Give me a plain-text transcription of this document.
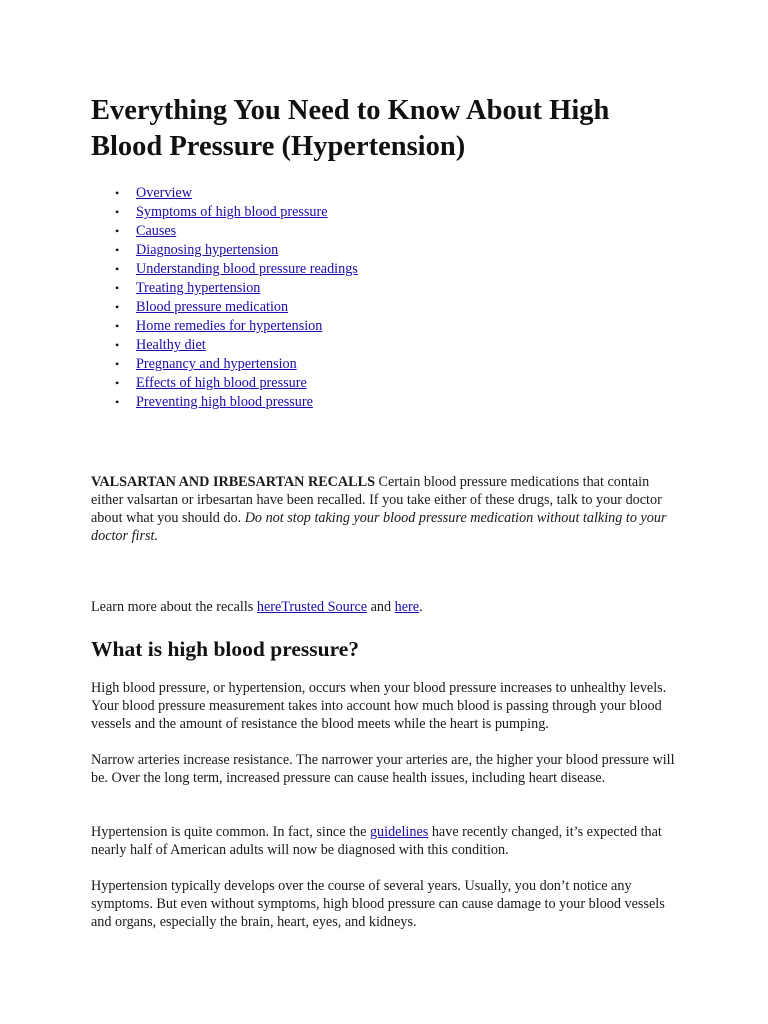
Everything You Need to Know About High Blood Pressure (Hypertension)
• Overview
• Symptoms of high blood pressure
• Causes
• Diagnosing hypertension
• Understanding blood pressure readings
• Treating hypertension
• Blood pressure medication
• Home remedies for hypertension
• Healthy diet
• Pregnancy and hypertension
• Effects of high blood pressure
• Preventing high blood pressure

VALSARTAN AND IRBESARTAN RECALLS Certain blood pressure medications that contain either valsartan or irbesartan have been recalled. If you take either of these drugs, talk to your doctor about what you should do. Do not stop taking your blood pressure medication without talking to your doctor first.

Learn more about the recalls hereTrusted Source and here.

What is high blood pressure?

High blood pressure, or hypertension, occurs when your blood pressure increases to unhealthy levels. Your blood pressure measurement takes into account how much blood is passing through your blood vessels and the amount of resistance the blood meets while the heart is pumping.

Narrow arteries increase resistance. The narrower your arteries are, the higher your blood pressure will be. Over the long term, increased pressure can cause health issues, including heart disease.

Hypertension is quite common. In fact, since the guidelines have recently changed, it’s expected that nearly half of American adults will now be diagnosed with this condition.

Hypertension typically develops over the course of several years. Usually, you don’t notice any symptoms. But even without symptoms, high blood pressure can cause damage to your blood vessels and organs, especially the brain, heart, eyes, and kidneys.
